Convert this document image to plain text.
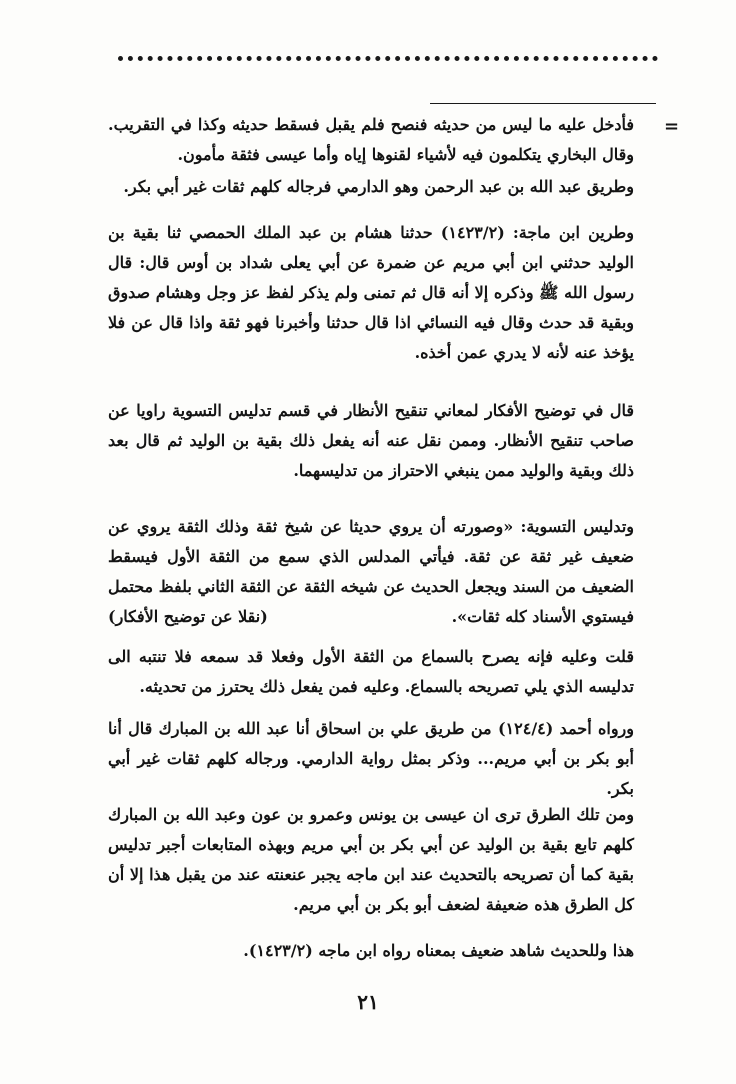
=
فأدخل عليه ما ليس من حديثه فنصح فلم يقبل فسقط حديثه وكذا في التقريب. وقال البخاري يتكلمون فيه لأشياء لقنوها إياه وأما عيسى فثقة مأمون.
وطريق عبد الله بن عبد الرحمن وهو الدارمي فرجاله كلهم ثقات غير أبي بكر.
وطرين ابن ماجة: (١٤٢٣/٢) حدثنا هشام بن عبد الملك الحمصي ثنا بقية بن الوليد حدثني ابن أبي مريم عن ضمرة عن أبي يعلى شداد بن أوس قال: قال رسول الله ﷺ وذكره إلا أنه قال ثم تمنى ولم يذكر لفظ عز وجل وهشام صدوق وبقية قد حدث وقال فيه النسائي اذا قال حدثنا وأخبرنا فهو ثقة واذا قال عن فلا يؤخذ عنه لأنه لا يدري عمن أخذه.
قال في توضيح الأفكار لمعاني تنقيح الأنظار في قسم تدليس التسوية راويا عن صاحب تنقيح الأنظار. وممن نقل عنه أنه يفعل ذلك بقية بن الوليد ثم قال بعد ذلك وبقية والوليد ممن ينبغي الاحتراز من تدليسهما.
وتدليس التسوية: «وصورته أن يروي حديثا عن شيخ ثقة وذلك الثقة يروي عن ضعيف غير ثقة عن ثقة. فيأتي المدلس الذي سمع من الثقة الأول فيسقط الضعيف من السند ويجعل الحديث عن شيخه الثقة عن الثقة الثاني بلفظ محتمل فيستوي الأسناد كله ثقات».
(نقلا عن توضيح الأفكار)
قلت وعليه فإنه يصرح بالسماع من الثقة الأول وفعلا قد سمعه فلا تنتبه الى تدليسه الذي يلي تصريحه بالسماع. وعليه فمن يفعل ذلك يحترز من تحديثه.
ورواه أحمد (١٢٤/٤) من طريق علي بن اسحاق أنا عبد الله بن المبارك قال أنا أبو بكر بن أبي مريم... وذكر بمثل رواية الدارمي. ورجاله كلهم ثقات غير أبي بكر.
ومن تلك الطرق ترى ان عيسى بن يونس وعمرو بن عون وعبد الله بن المبارك كلهم تابع بقية بن الوليد عن أبي بكر بن أبي مريم وبهذه المتابعات أجبر تدليس بقية كما أن تصريحه بالتحديث عند ابن ماجه يجبر عنعنته عند من يقبل هذا إلا أن كل الطرق هذه ضعيفة لضعف أبو بكر بن أبي مريم.
هذا وللحديث شاهد ضعيف بمعناه رواه ابن ماجه (١٤٢٣/٢).
٢١
